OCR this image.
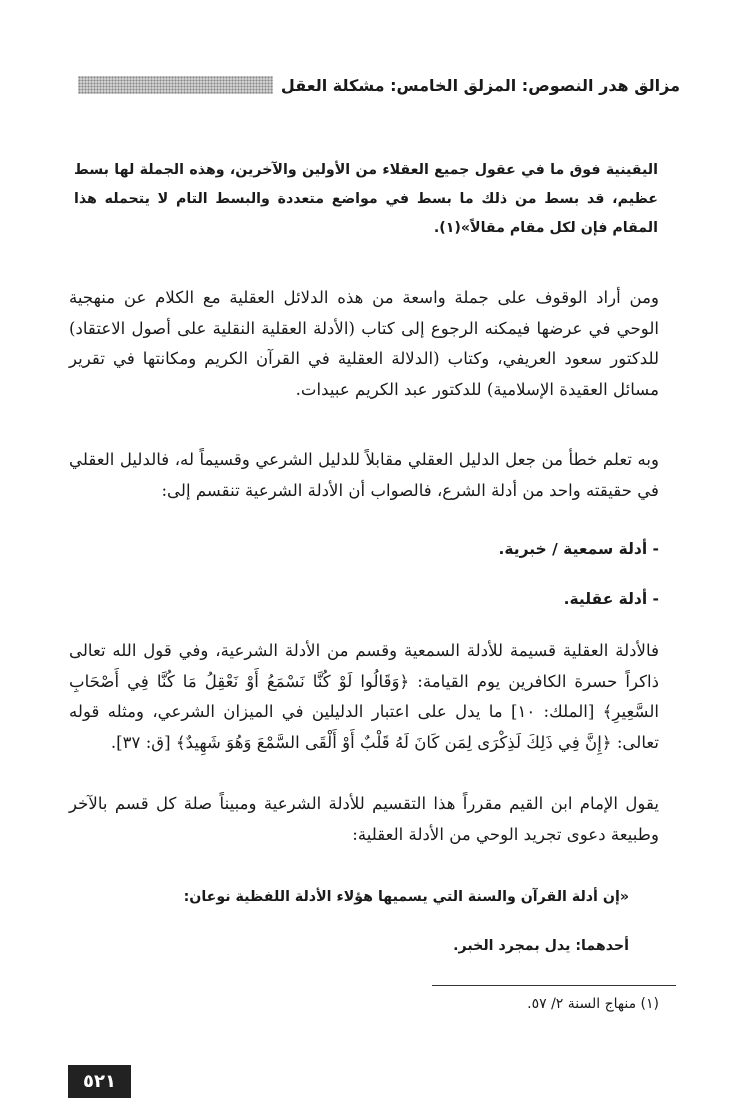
مزالق هدر النصوص: المزلق الخامس: مشكلة العقل

اليقينية فوق ما في عقول جميع العقلاء من الأولين والآخرين، وهذه الجملة لها بسط عظيم، قد بسط من ذلك ما بسط في مواضع متعددة والبسط التام لا يتحمله هذا المقام فإن لكل مقام مقالاً»(١).

ومن أراد الوقوف على جملة واسعة من هذه الدلائل العقلية مع الكلام عن منهجية الوحي في عرضها فيمكنه الرجوع إلى كتاب (الأدلة العقلية النقلية على أصول الاعتقاد) للدكتور سعود العريفي، وكتاب (الدلالة العقلية في القرآن الكريم ومكانتها في تقرير مسائل العقيدة الإسلامية) للدكتور عبد الكريم عبيدات.

وبه تعلم خطأ من جعل الدليل العقلي مقابلاً للدليل الشرعي وقسيماً له، فالدليل العقلي في حقيقته واحد من أدلة الشرع، فالصواب أن الأدلة الشرعية تنقسم إلى:

- أدلة سمعية / خبرية.
- أدلة عقلية.

فالأدلة العقلية قسيمة للأدلة السمعية وقسم من الأدلة الشرعية، وفي قول الله تعالى ذاكراً حسرة الكافرين يوم القيامة: ﴿وَقَالُوا لَوْ كُنَّا نَسْمَعُ أَوْ نَعْقِلُ مَا كُنَّا فِي أَصْحَابِ السَّعِيرِ﴾ [الملك: ١٠] ما يدل على اعتبار الدليلين في الميزان الشرعي، ومثله قوله تعالى: ﴿إِنَّ فِي ذَلِكَ لَذِكْرَى لِمَن كَانَ لَهُ قَلْبٌ أَوْ أَلْقَى السَّمْعَ وَهُوَ شَهِيدٌ﴾ [ق: ٣٧].

يقول الإمام ابن القيم مقرراً هذا التقسيم للأدلة الشرعية ومبيناً صلة كل قسم بالآخر وطبيعة دعوى تجريد الوحي من الأدلة العقلية:

«إن أدلة القرآن والسنة التي يسميها هؤلاء الأدلة اللفظية نوعان:
أحدهما: يدل بمجرد الخبر.
(١) منهاج السنة ٢/ ٥٧.
٥٢١
